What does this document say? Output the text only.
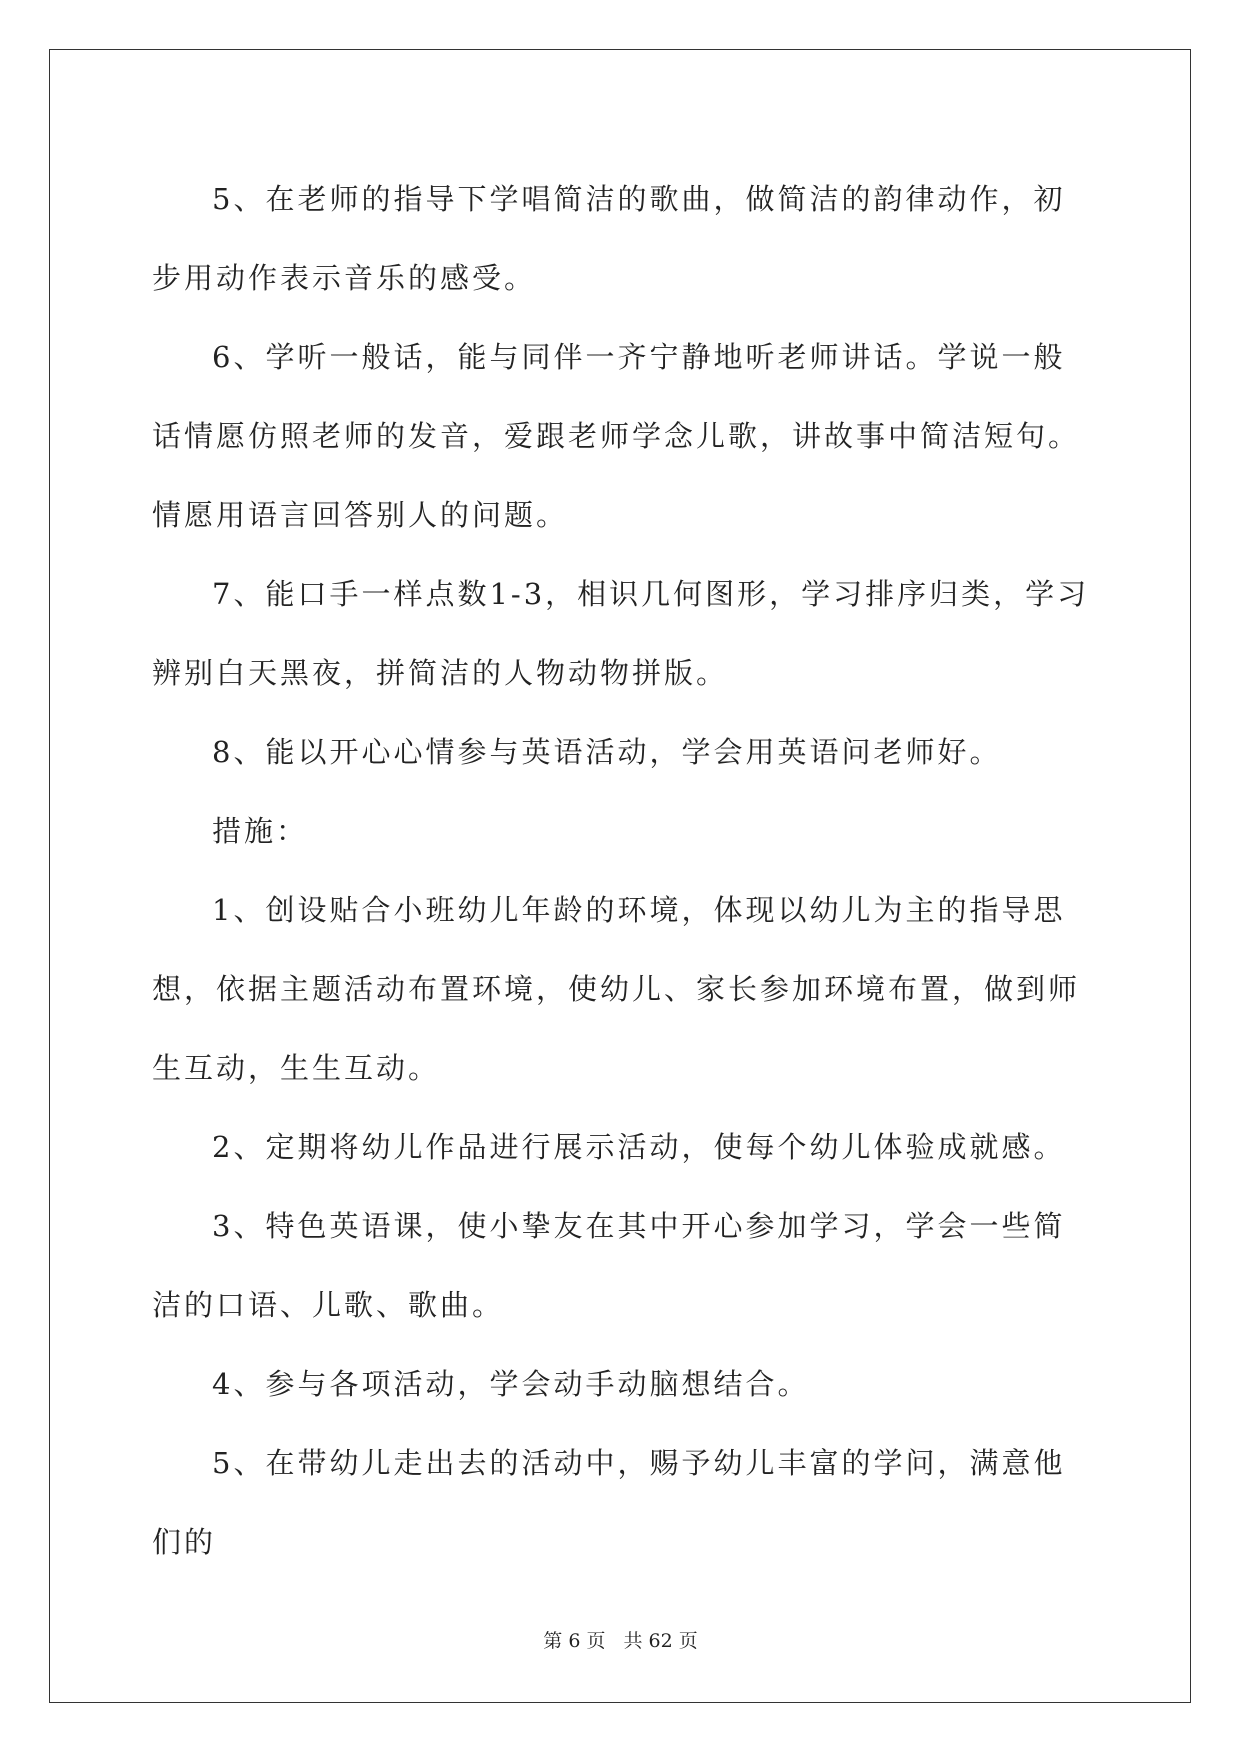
5、在老师的指导下学唱简洁的歌曲，做简洁的韵律动作，初步用动作表示音乐的感受。

6、学听一般话，能与同伴一齐宁静地听老师讲话。学说一般话情愿仿照老师的发音，爱跟老师学念儿歌，讲故事中简洁短句。情愿用语言回答别人的问题。

7、能口手一样点数1-3，相识几何图形，学习排序归类，学习辨别白天黑夜，拼简洁的人物动物拼版。

8、能以开心心情参与英语活动，学会用英语问老师好。

措施：

1、创设贴合小班幼儿年龄的环境，体现以幼儿为主的指导思想，依据主题活动布置环境，使幼儿、家长参加环境布置，做到师生互动，生生互动。

2、定期将幼儿作品进行展示活动，使每个幼儿体验成就感。

3、特色英语课，使小挚友在其中开心参加学习，学会一些简洁的口语、儿歌、歌曲。

4、参与各项活动，学会动手动脑想结合。

5、在带幼儿走出去的活动中，赐予幼儿丰富的学问，满意他们的

第 6 页 共 62 页
